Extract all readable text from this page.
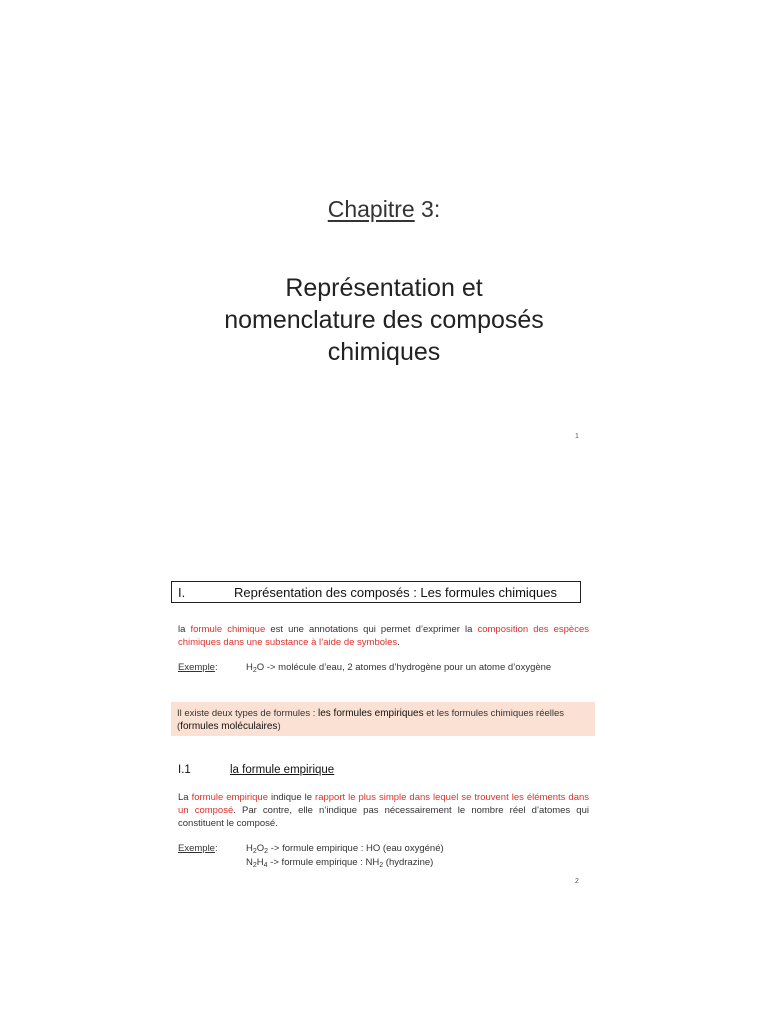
Chapitre 3:
Représentation et
nomenclature des composés
chimiques
1
I.	Représentation des composés : Les formules chimiques
la formule chimique est une annotations qui permet d’exprimer la composition des espèces chimiques dans une substance à l’aide de symboles.
Exemple:	$H_2O$ -> molécule d’eau, 2 atomes d’hydrogène pour un atome d’oxygène
Il existe deux types de formules : les formules empiriques et les formules chimiques réelles (formules moléculaires)
I.1	la formule empirique
La formule empirique indique le rapport le plus simple dans lequel se trouvent les éléments dans un composé. Par contre, elle n’indique pas nécessairement le nombre réel d’atomes qui constituent le composé.
Exemple:	$H_2O_2$ -> formule empirique : HO (eau oxygéné)
$N_2H_4$ -> formule empirique : $NH_2$ (hydrazine)
2
